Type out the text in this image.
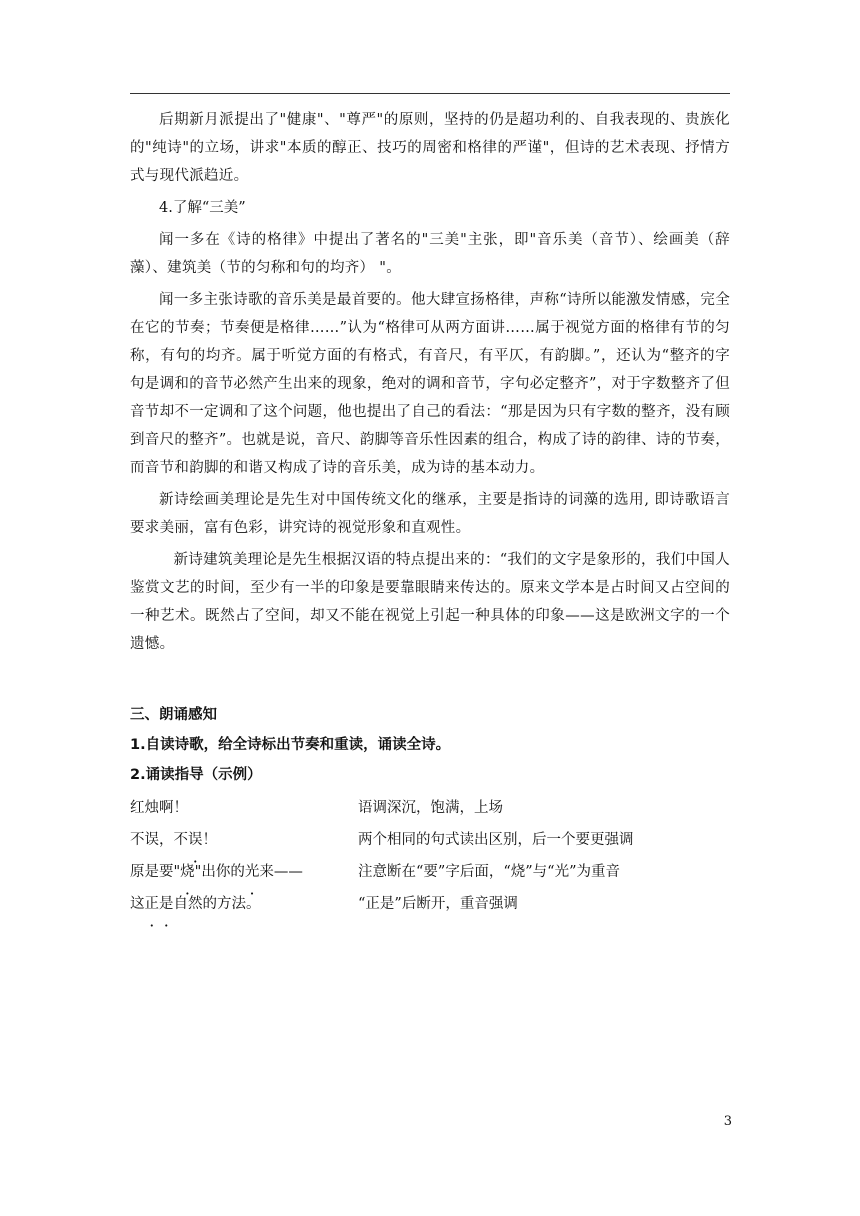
后期新月派提出了"健康"、"尊严"的原则，坚持的仍是超功利的、自我表现的、贵族化的"纯诗"的立场，讲求"本质的醇正、技巧的周密和格律的严谨"，但诗的艺术表现、抒情方式与现代派趋近。

4.了解“三美”

闻一多在《诗的格律》中提出了著名的"三美"主张，即"音乐美（音节）、绘画美（辞藻）、建筑美（节的匀称和句的均齐） "。

闻一多主张诗歌的音乐美是最首要的。他大肆宣扬格律，声称“诗所以能激发情感，完全在它的节奏；节奏便是格律……”认为“格律可从两方面讲……属于视觉方面的格律有节的匀称，有句的均齐。属于听觉方面的有格式，有音尺，有平仄，有韵脚。”，还认为“整齐的字句是调和的音节必然产生出来的现象，绝对的调和音节，字句必定整齐”，对于字数整齐了但音节却不一定调和了这个问题，他也提出了自己的看法：“那是因为只有字数的整齐，没有顾到音尺的整齐”。也就是说，音尺、韵脚等音乐性因素的组合，构成了诗的韵律、诗的节奏，而音节和韵脚的和谐又构成了诗的音乐美，成为诗的基本动力。

新诗绘画美理论是先生对中国传统文化的继承，主要是指诗的词藻的选用, 即诗歌语言要求美丽，富有色彩，讲究诗的视觉形象和直观性。

新诗建筑美理论是先生根据汉语的特点提出来的：“我们的文字是象形的，我们中国人鉴赏文艺的时间，至少有一半的印象是要靠眼睛来传达的。原来文学本是占时间又占空间的一种艺术。既然占了空间，却又不能在视觉上引起一种具体的印象——这是欧洲文字的一个遗憾。

三、朗诵感知

1.自读诗歌，给全诗标出节奏和重读，诵读全诗。

2.诵读指导（示例）

红烛啊！	语调深沉，饱满，上场
不误，不误！	两个相同的句式读出区别，后一个要更强调
原是要"烧"出你的光来——	注意断在“要”字后面，“烧”与“光”为重音
这正是自然的方法。	“正是”后断开，重音强调
3
